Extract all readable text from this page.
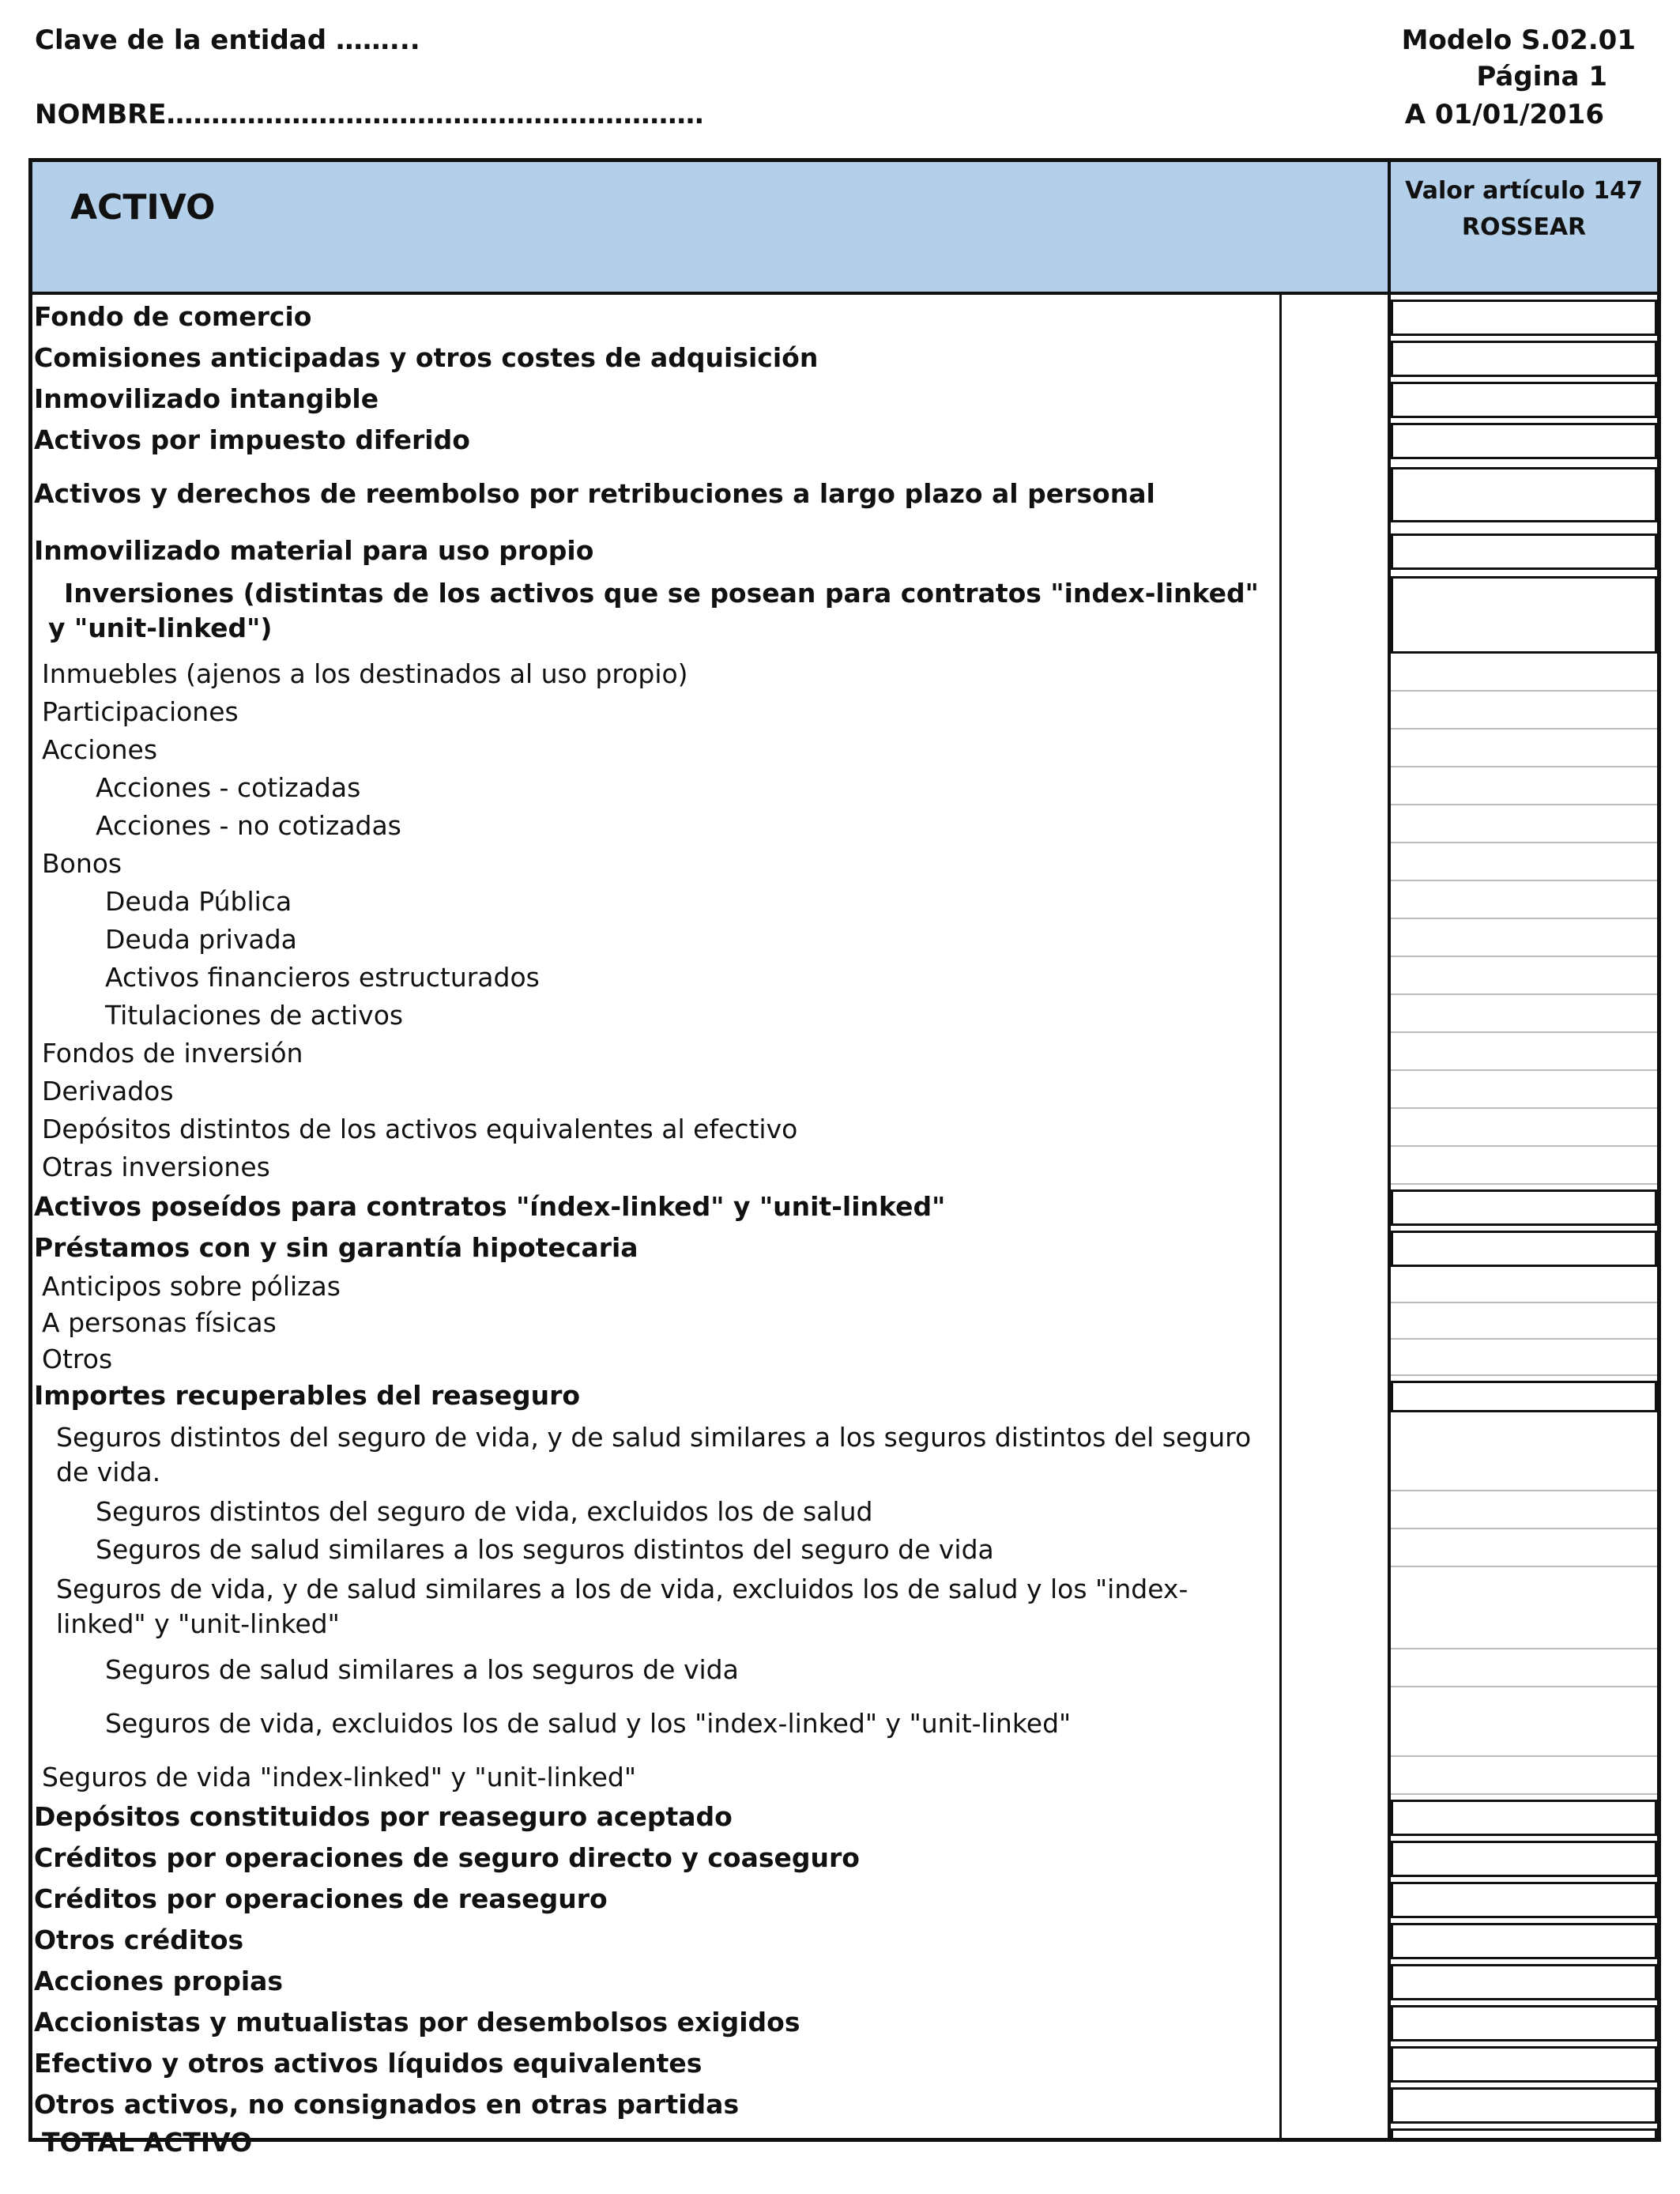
Clave de la entidad ……...
NOMBRE……………………………………………………
Modelo S.02.01
Página 1
A 01/01/2016
ACTIVO	Valor artículo 147
ROSSEAR
Fondo de comercio
Comisiones anticipadas y otros costes de adquisición
Inmovilizado intangible
Activos por impuesto diferido
Activos y derechos de reembolso por retribuciones a largo plazo al personal
Inmovilizado material para uso propio
Inversiones (distintas de los activos que se posean para contratos "index-linked" y "unit-linked")
Inmuebles (ajenos a los destinados al uso propio)
Participaciones
Acciones
Acciones - cotizadas
Acciones - no cotizadas
Bonos
Deuda Pública
Deuda privada
Activos financieros estructurados
Titulaciones de activos
Fondos de inversión
Derivados
Depósitos distintos de los activos equivalentes al efectivo
Otras inversiones
Activos poseídos para contratos "índex-linked" y "unit-linked"
Préstamos con y sin garantía hipotecaria
Anticipos sobre pólizas
A personas físicas
Otros
Importes recuperables del reaseguro
Seguros distintos del seguro de vida, y de salud similares a los seguros distintos del seguro de vida.
Seguros distintos del seguro de vida, excluidos los de salud
Seguros de salud similares a los seguros distintos del seguro de vida
Seguros de vida, y de salud similares a los de vida, excluidos los de salud y los "index-linked" y "unit-linked"
Seguros de salud similares a los seguros de vida
Seguros de vida, excluidos los de salud y los "index-linked" y "unit-linked"
Seguros de vida "index-linked" y "unit-linked"
Depósitos constituidos por reaseguro aceptado
Créditos por operaciones de seguro directo y coaseguro
Créditos por operaciones de reaseguro
Otros créditos
Acciones propias
Accionistas y mutualistas por desembolsos exigidos
Efectivo y otros activos líquidos equivalentes
Otros activos, no consignados en otras partidas
TOTAL ACTIVO
